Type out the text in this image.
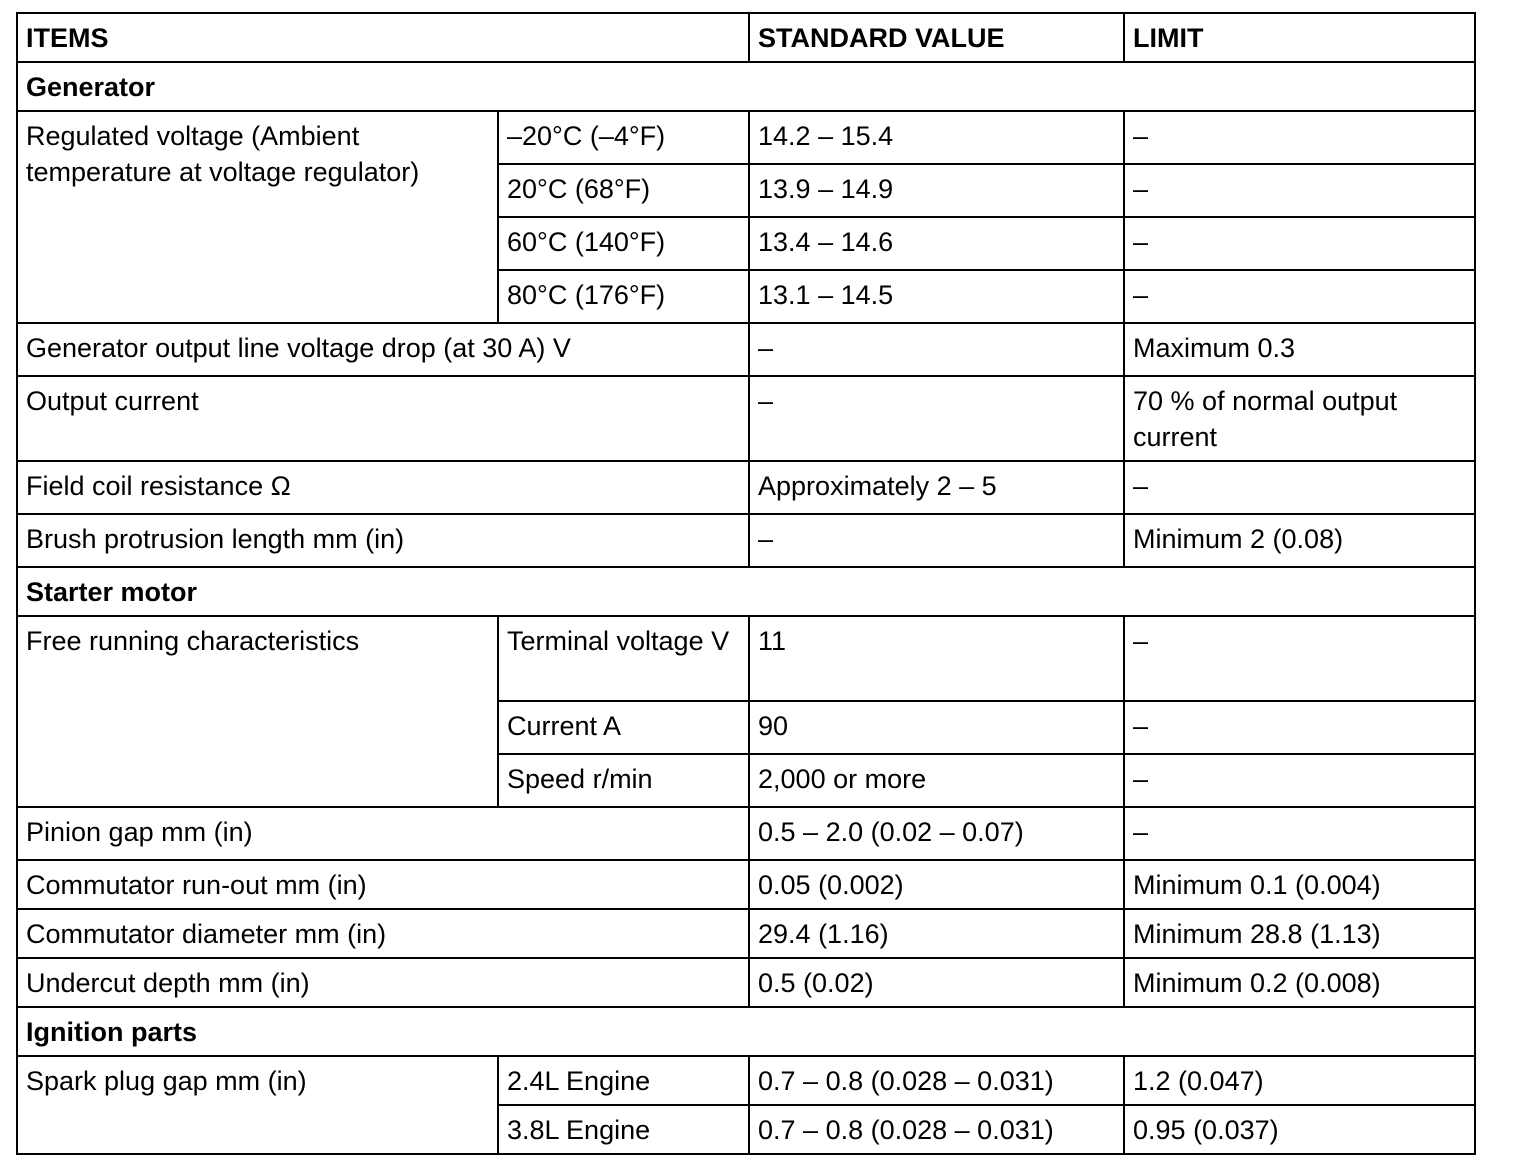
ITEMS		STANDARD VALUE	LIMIT
Generator			
Regulated voltage (Ambient temperature at voltage regulator)	–20°C (–4°F)	14.2 – 15.4	–
	20°C (68°F)	13.9 – 14.9	–
	60°C (140°F)	13.4 – 14.6	–
	80°C (176°F)	13.1 – 14.5	–
Generator output line voltage drop (at 30 A) V		–	Maximum 0.3
Output current		–	70 % of normal output current
Field coil resistance Ω		Approximately 2 – 5	–
Brush protrusion length mm (in)		–	Minimum 2 (0.08)
Starter motor			
Free running characteristics	Terminal voltage V	11	–
	Current A	90	–
	Speed r/min	2,000 or more	–
Pinion gap mm (in)		0.5 – 2.0 (0.02 – 0.07)	–
Commutator run-out mm (in)		0.05 (0.002)	Minimum 0.1 (0.004)
Commutator diameter mm (in)		29.4 (1.16)	Minimum 28.8 (1.13)
Undercut depth mm (in)		0.5 (0.02)	Minimum 0.2 (0.008)
Ignition parts			
Spark plug gap mm (in)	2.4L Engine	0.7 – 0.8 (0.028 – 0.031)	1.2 (0.047)
	3.8L Engine	0.7 – 0.8 (0.028 – 0.031)	0.95 (0.037)
